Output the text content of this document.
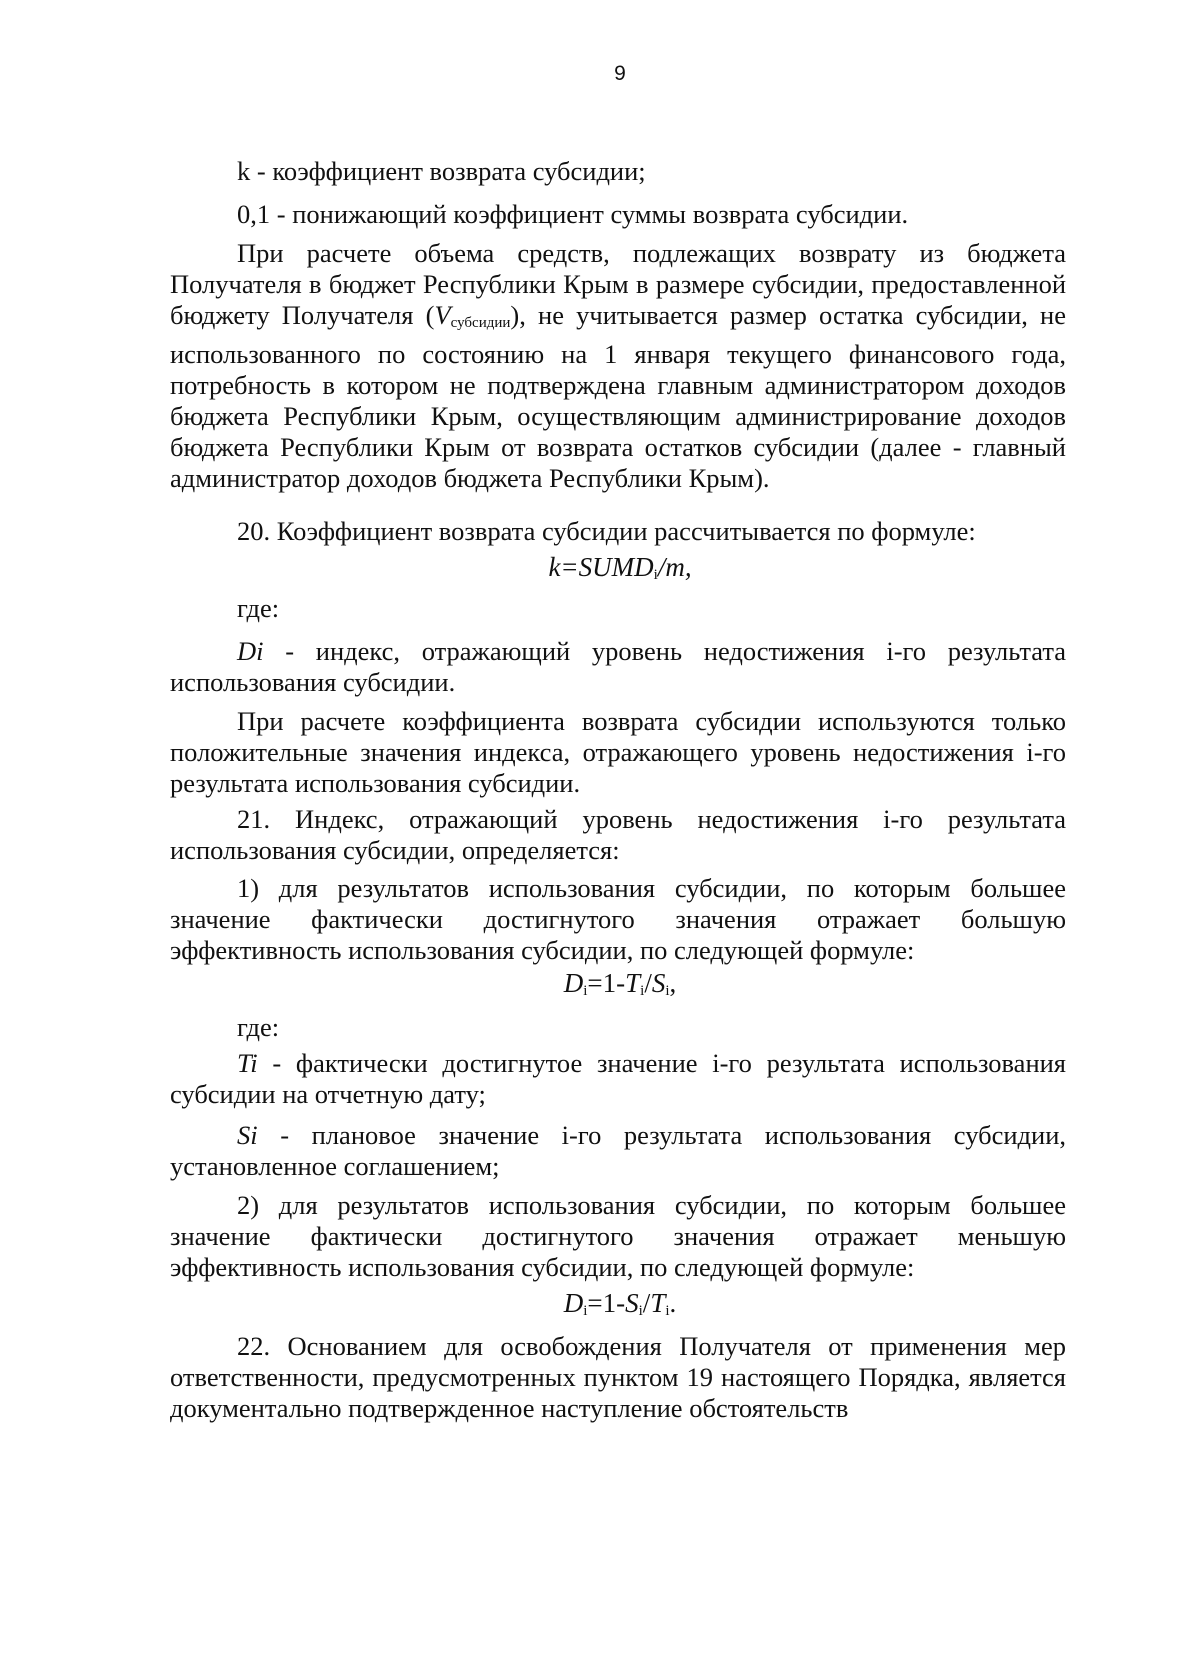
9
k - коэффициент возврата субсидии;
0,1 - понижающий коэффициент суммы возврата субсидии.
При расчете объема средств, подлежащих возврату из бюджета Получателя в бюджет Республики Крым в размере субсидии, предоставленной бюджету Получателя (Vсубсидии), не учитывается размер остатка субсидии, не использованного по состоянию на 1 января текущего финансового года, потребность в котором не подтверждена главным администратором доходов бюджета Республики Крым, осуществляющим администрирование доходов бюджета Республики Крым от возврата остатков субсидии (далее - главный администратор доходов бюджета Республики Крым).
20. Коэффициент возврата субсидии рассчитывается по формуле:
$k=SUMD_i/m$,
где:
Di - индекс, отражающий уровень недостижения i-го результата использования субсидии.
При расчете коэффициента возврата субсидии используются только положительные значения индекса, отражающего уровень недостижения i-го результата использования субсидии.
21. Индекс, отражающий уровень недостижения i-го результата использования субсидии, определяется:
1) для результатов использования субсидии, по которым большее значение фактически достигнутого значения отражает большую эффективность использования субсидии, по следующей формуле:
$D_i=1-T_i/S_i$,
где:
Ti - фактически достигнутое значение i-го результата использования субсидии на отчетную дату;
Si - плановое значение i-го результата использования субсидии, установленное соглашением;
2) для результатов использования субсидии, по которым большее значение фактически достигнутого значения отражает меньшую эффективность использования субсидии, по следующей формуле:
$D_i=1-S_i/T_i$.
22. Основанием для освобождения Получателя от применения мер ответственности, предусмотренных пунктом 19 настоящего Порядка, является документально подтвержденное наступление обстоятельств
